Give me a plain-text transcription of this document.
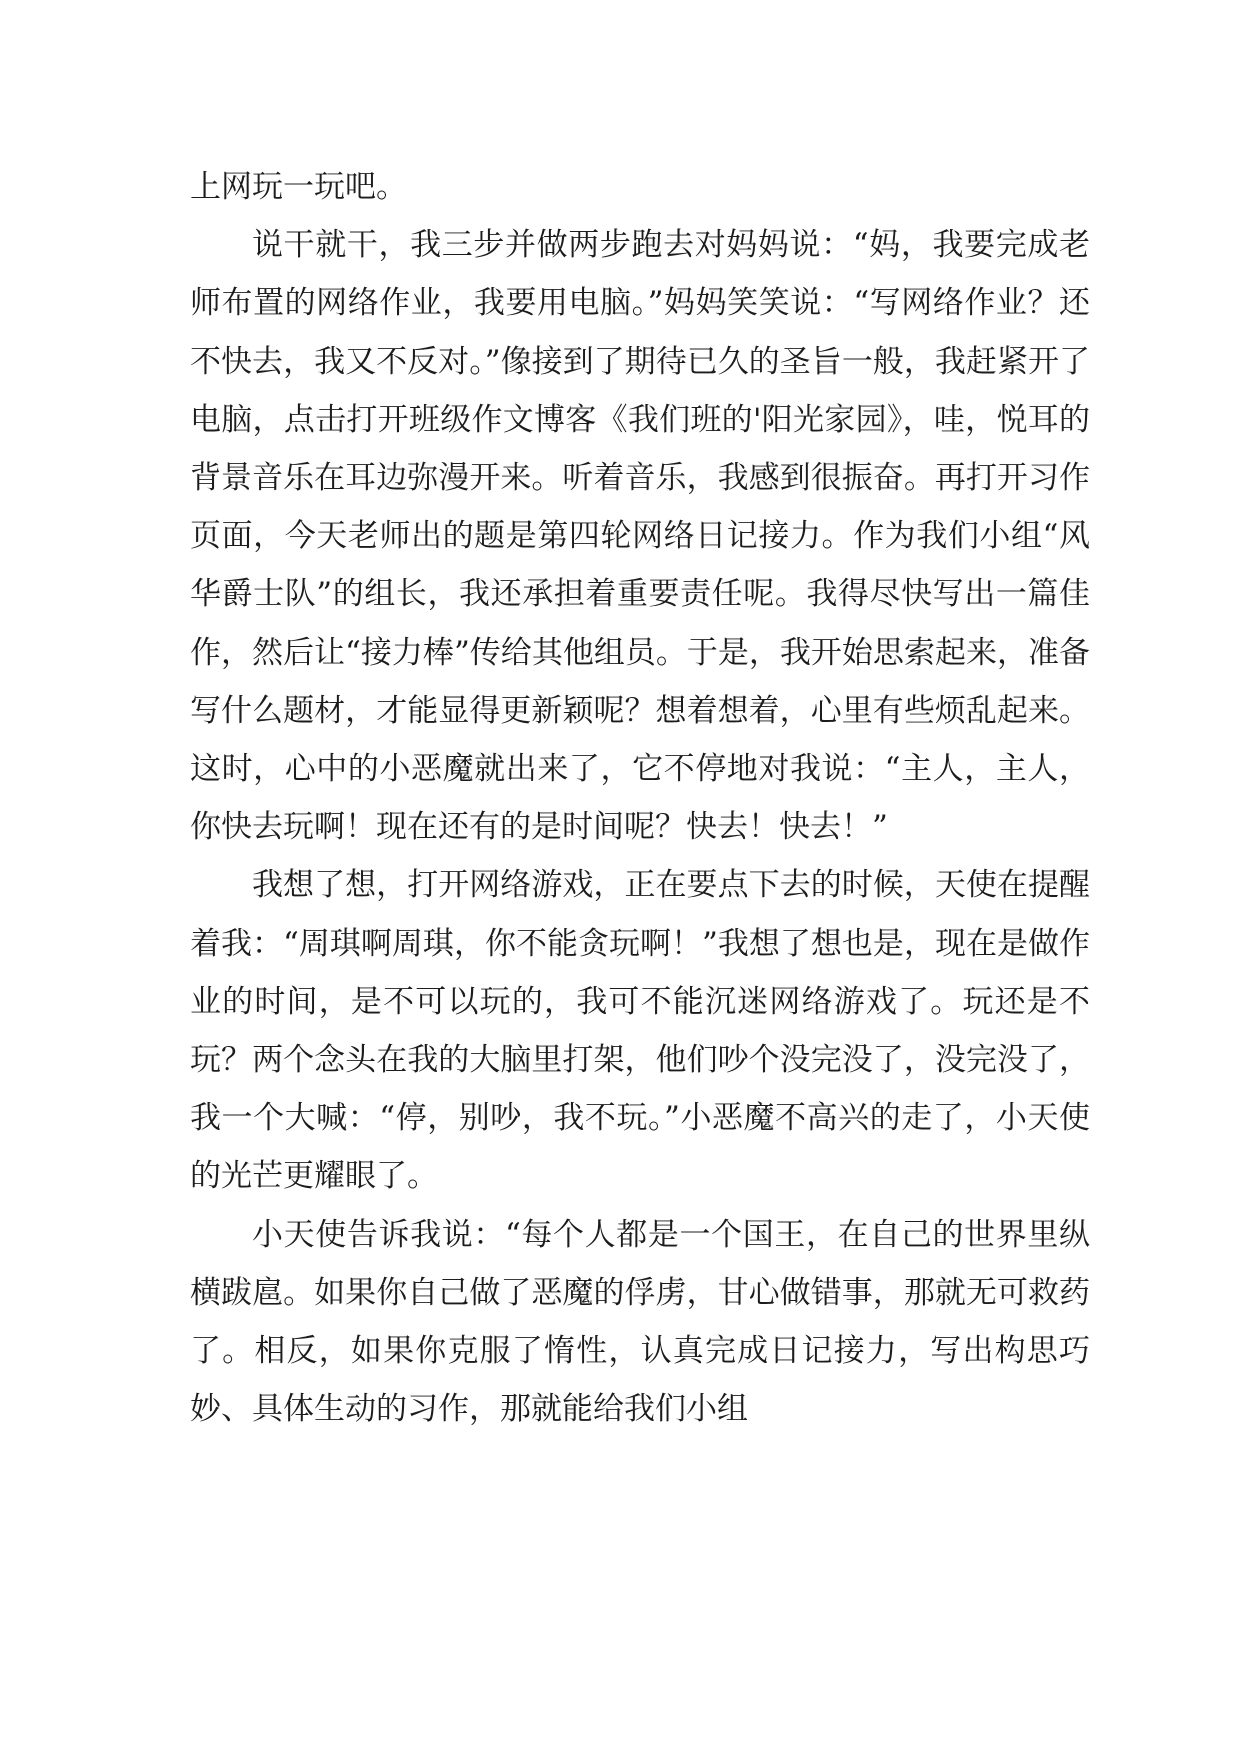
上网玩一玩吧。

说干就干，我三步并做两步跑去对妈妈说：“妈，我要完成老师布置的网络作业，我要用电脑。”妈妈笑笑说：“写网络作业？还不快去，我又不反对。”像接到了期待已久的圣旨一般，我赶紧开了电脑，点击打开班级作文博客《我们班的'阳光家园》，哇，悦耳的背景音乐在耳边弥漫开来。听着音乐，我感到很振奋。再打开习作页面，今天老师出的题是第四轮网络日记接力。作为我们小组“风华爵士队”的组长，我还承担着重要责任呢。我得尽快写出一篇佳作，然后让“接力棒”传给其他组员。于是，我开始思索起来，准备写什么题材，才能显得更新颖呢？想着想着，心里有些烦乱起来。这时，心中的小恶魔就出来了，它不停地对我说：“主人，主人，你快去玩啊！现在还有的是时间呢？快去！快去！”

我想了想，打开网络游戏，正在要点下去的时候，天使在提醒着我：“周琪啊周琪，你不能贪玩啊！”我想了想也是，现在是做作业的时间，是不可以玩的，我可不能沉迷网络游戏了。玩还是不玩？两个念头在我的大脑里打架，他们吵个没完没了，没完没了，我一个大喊：“停，别吵，我不玩。”小恶魔不高兴的走了，小天使的光芒更耀眼了。

小天使告诉我说：“每个人都是一个国王，在自己的世界里纵横跋扈。如果你自己做了恶魔的俘虏，甘心做错事，那就无可救药了。相反，如果你克服了惰性，认真完成日记接力，写出构思巧妙、具体生动的习作，那就能给我们小组
